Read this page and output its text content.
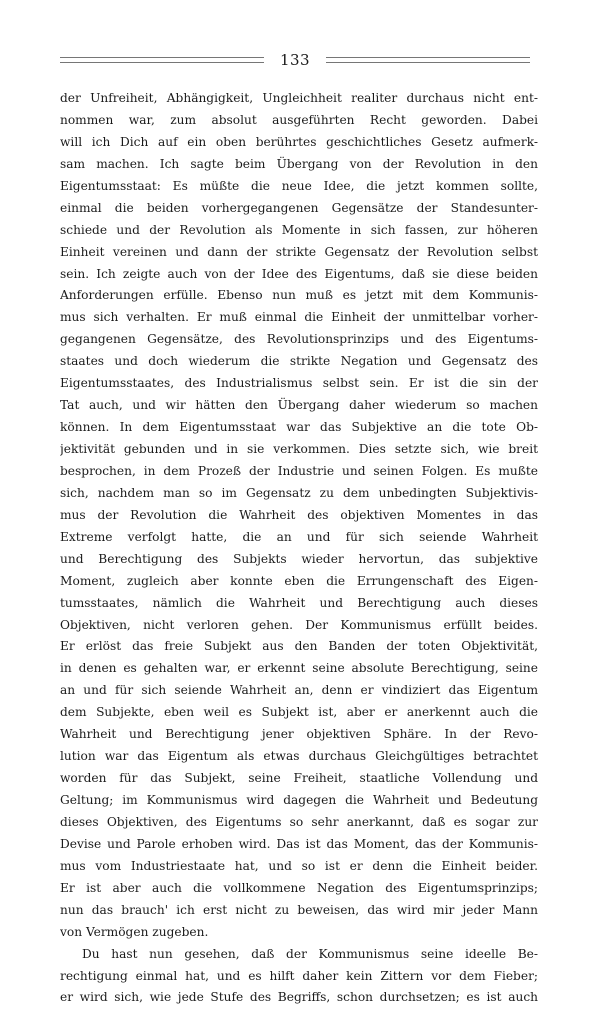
133
der Unfreiheit, Abhängigkeit, Ungleichheit realiter durchaus nicht ent-
nommen war, zum absolut ausgeführten Recht geworden. Dabei
will ich Dich auf ein oben berührtes geschichtliches Gesetz aufmerk-
sam machen. Ich sagte beim Übergang von der Revolution in den
Eigentumsstaat: Es müßte die neue Idee, die jetzt kommen sollte,
einmal die beiden vorhergegangenen Gegensätze der Standesunter-
schiede und der Revolution als Momente in sich fassen, zur höheren
Einheit vereinen und dann der strikte Gegensatz der Revolution selbst
sein. Ich zeigte auch von der Idee des Eigentums, daß sie diese beiden
Anforderungen erfülle. Ebenso nun muß es jetzt mit dem Kommunis-
mus sich verhalten. Er muß einmal die Einheit der unmittelbar vorher-
gegangenen Gegensätze, des Revolutionsprinzips und des Eigentums-
staates und doch wiederum die strikte Negation und Gegensatz des
Eigentumsstaates, des Industrialismus selbst sein. Er ist die sin der
Tat auch, und wir hätten den Übergang daher wiederum so machen
können. In dem Eigentumsstaat war das Subjektive an die tote Ob-
jektivität gebunden und in sie verkommen. Dies setzte sich, wie breit
besprochen, in dem Prozeß der Industrie und seinen Folgen. Es mußte
sich, nachdem man so im Gegensatz zu dem unbedingten Subjektivis-
mus der Revolution die Wahrheit des objektiven Momentes in das
Extreme verfolgt hatte, die an und für sich seiende Wahrheit
und Berechtigung des Subjekts wieder hervortun, das subjektive
Moment, zugleich aber konnte eben die Errungenschaft des Eigen-
tumsstaates, nämlich die Wahrheit und Berechtigung auch dieses
Objektiven, nicht verloren gehen. Der Kommunismus erfüllt beides.
Er erlöst das freie Subjekt aus den Banden der toten Objektivität,
in denen es gehalten war, er erkennt seine absolute Berechtigung, seine
an und für sich seiende Wahrheit an, denn er vindiziert das Eigentum
dem Subjekte, eben weil es Subjekt ist, aber er anerkennt auch die
Wahrheit und Berechtigung jener objektiven Sphäre. In der Revo-
lution war das Eigentum als etwas durchaus Gleichgültiges betrachtet
worden für das Subjekt, seine Freiheit, staatliche Vollendung und
Geltung; im Kommunismus wird dagegen die Wahrheit und Bedeutung
dieses Objektiven, des Eigentums so sehr anerkannt, daß es sogar zur
Devise und Parole erhoben wird. Das ist das Moment, das der Kommunis-
mus vom Industriestaate hat, und so ist er denn die Einheit beider.
Er ist aber auch die vollkommene Negation des Eigentumsprinzips;
nun das brauch' ich erst nicht zu beweisen, das wird mir jeder Mann
von Vermögen zugeben.
Du hast nun gesehen, daß der Kommunismus seine ideelle Be-
rechtigung einmal hat, und es hilft daher kein Zittern vor dem Fieber;
er wird sich, wie jede Stufe des Begriffs, schon durchsetzen; es ist auch
